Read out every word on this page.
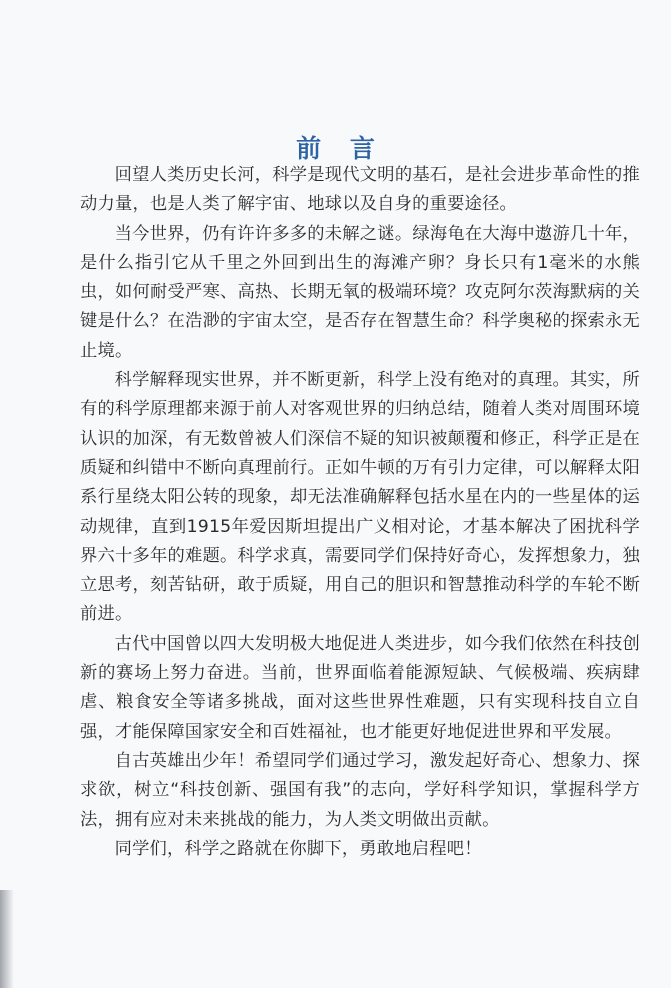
前 言

回望人类历史长河，科学是现代文明的基石，是社会进步革命性的推动力量，也是人类了解宇宙、地球以及自身的重要途径。

当今世界，仍有许许多多的未解之谜。绿海龟在大海中遨游几十年，是什么指引它从千里之外回到出生的海滩产卵？身长只有1毫米的水熊虫，如何耐受严寒、高热、长期无氧的极端环境？攻克阿尔茨海默病的关键是什么？在浩渺的宇宙太空，是否存在智慧生命？科学奥秘的探索永无止境。

科学解释现实世界，并不断更新，科学上没有绝对的真理。其实，所有的科学原理都来源于前人对客观世界的归纳总结，随着人类对周围环境认识的加深，有无数曾被人们深信不疑的知识被颠覆和修正，科学正是在质疑和纠错中不断向真理前行。正如牛顿的万有引力定律，可以解释太阳系行星绕太阳公转的现象，却无法准确解释包括水星在内的一些星体的运动规律，直到1915年爱因斯坦提出广义相对论，才基本解决了困扰科学界六十多年的难题。科学求真，需要同学们保持好奇心，发挥想象力，独立思考，刻苦钻研，敢于质疑，用自己的胆识和智慧推动科学的车轮不断前进。

古代中国曾以四大发明极大地促进人类进步，如今我们依然在科技创新的赛场上努力奋进。当前，世界面临着能源短缺、气候极端、疾病肆虐、粮食安全等诸多挑战，面对这些世界性难题，只有实现科技自立自强，才能保障国家安全和百姓福祉，也才能更好地促进世界和平发展。

自古英雄出少年！希望同学们通过学习，激发起好奇心、想象力、探求欲，树立“科技创新、强国有我”的志向，学好科学知识，掌握科学方法，拥有应对未来挑战的能力，为人类文明做出贡献。

同学们，科学之路就在你脚下，勇敢地启程吧！
